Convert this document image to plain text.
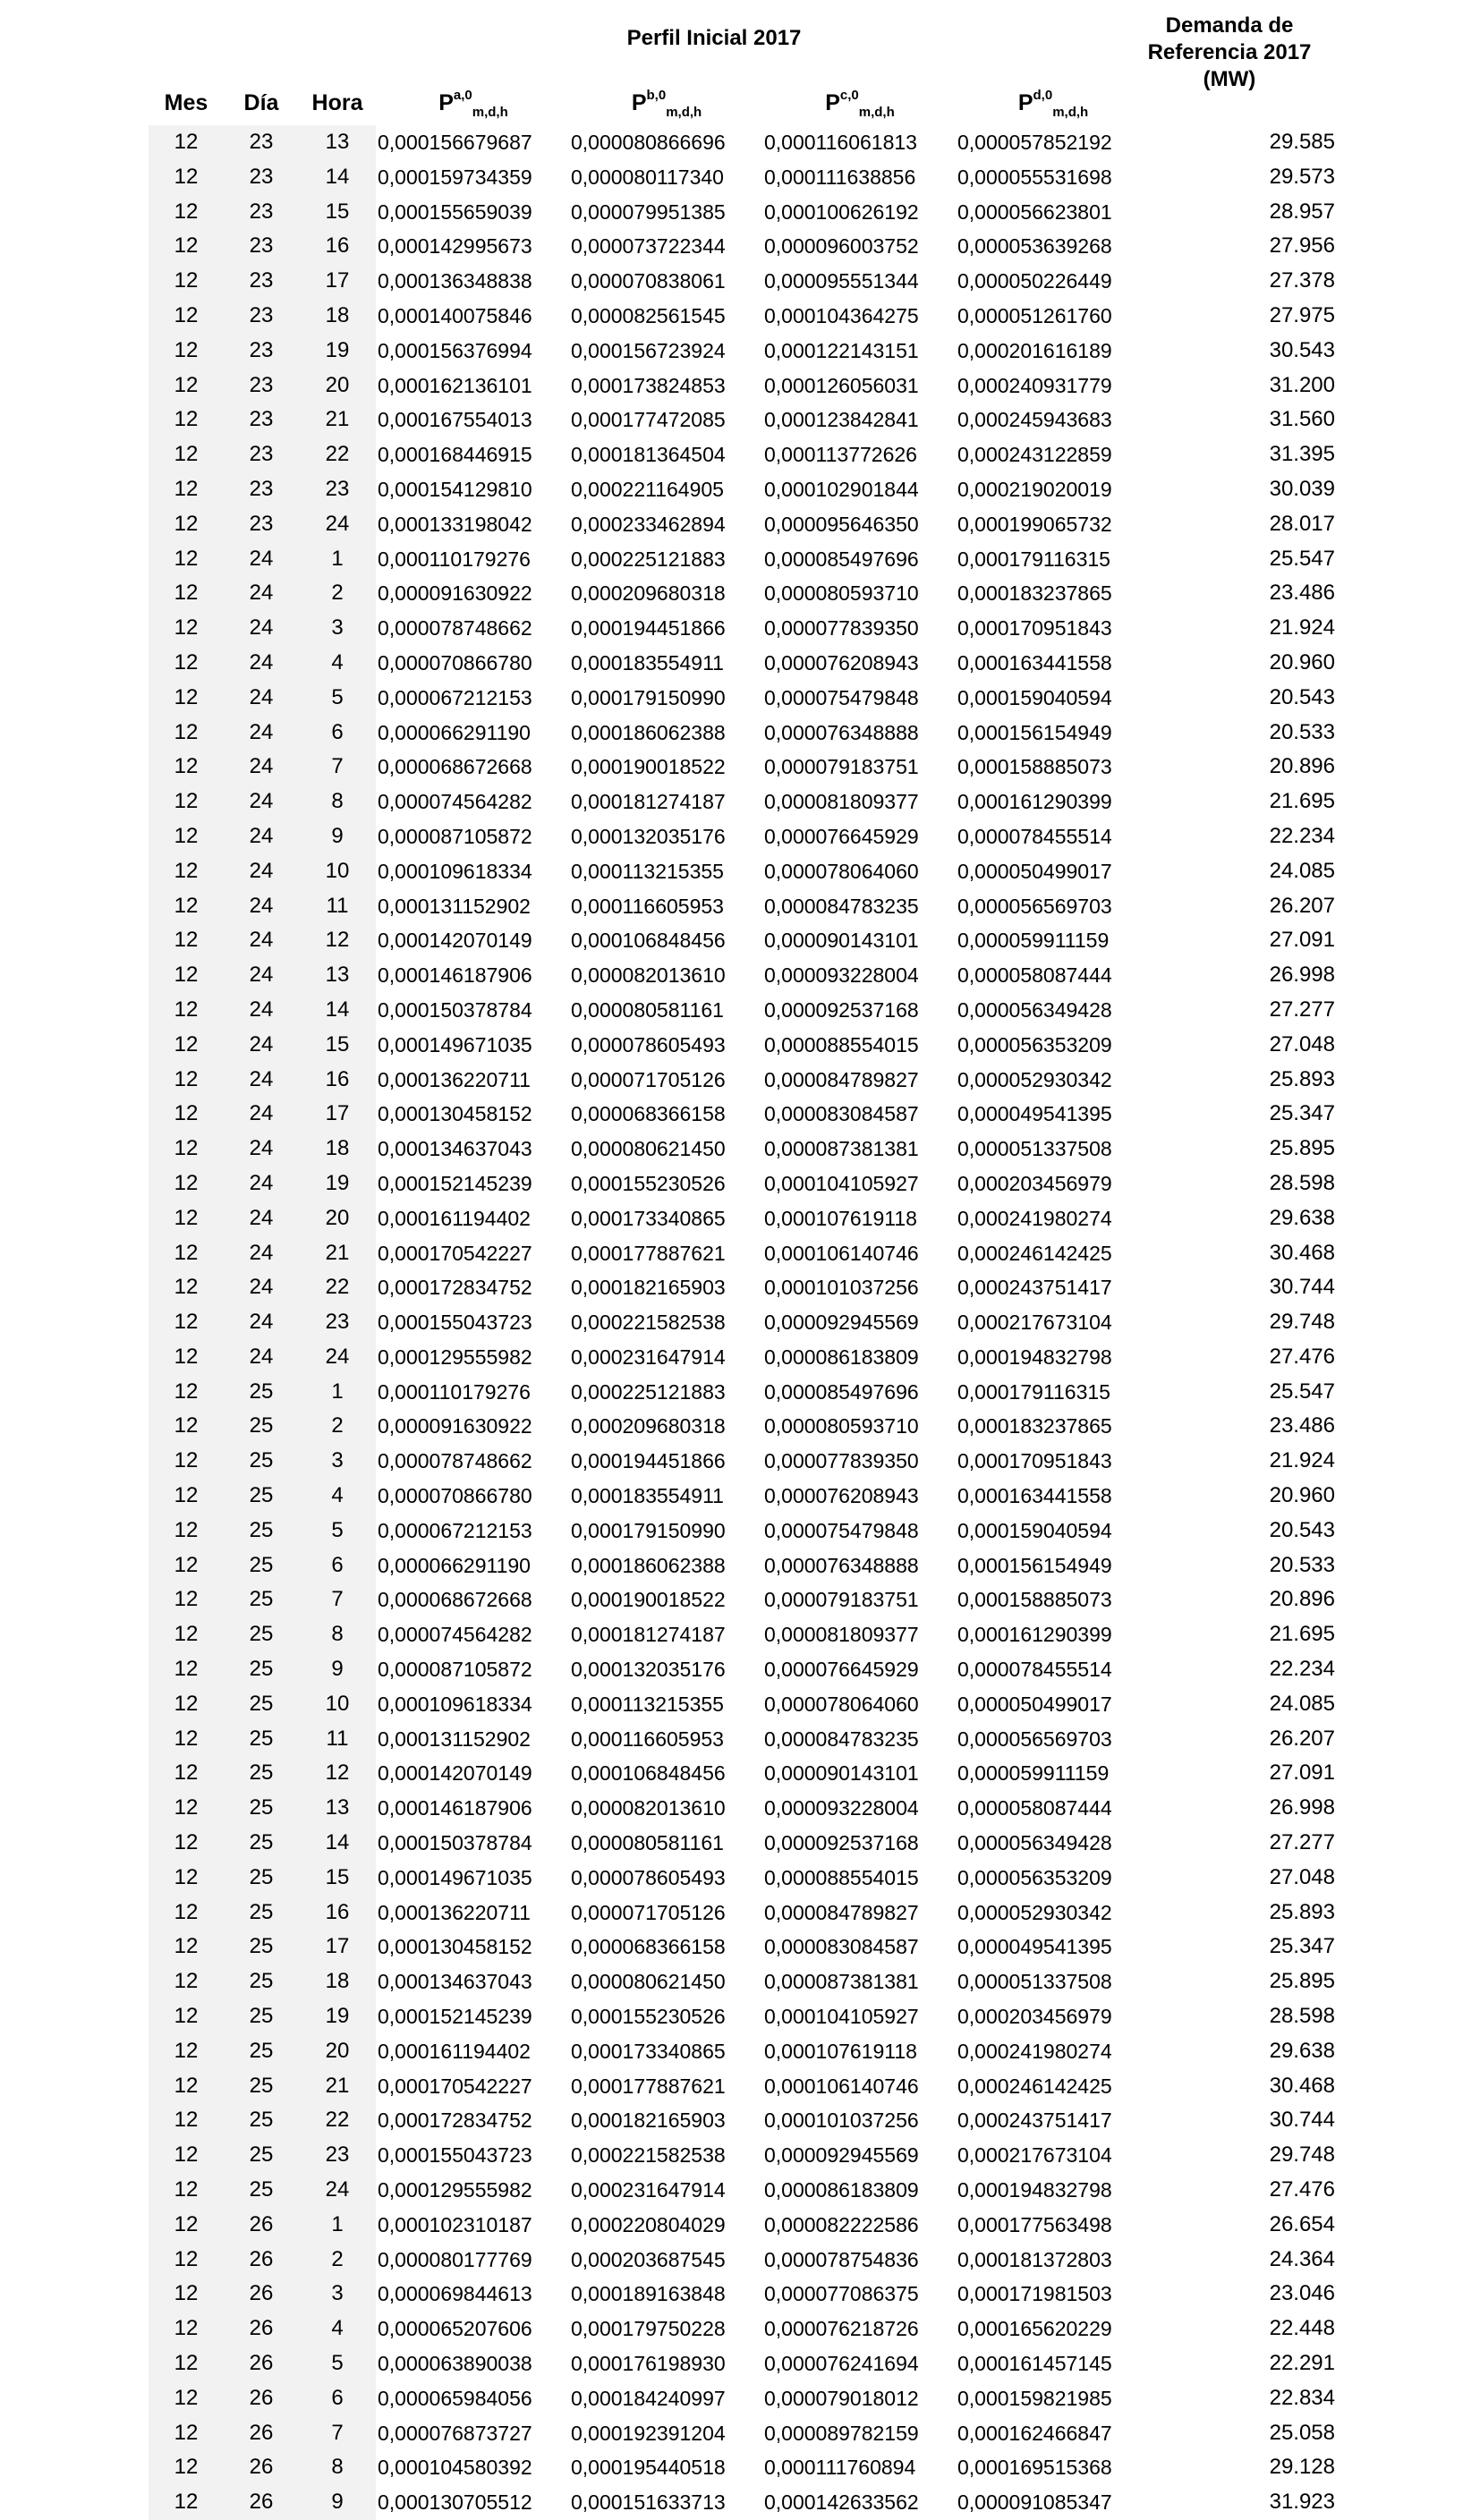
Perfil Inicial 2017
Demanda de
Referencia 2017
(MW)
Mes	Día	Hora	P$^{a,0}_{m,d,h}$	P$^{b,0}_{m,d,h}$	P$^{c,0}_{m,d,h}$	P$^{d,0}_{m,d,h}$
12	23	13	0,000156679687	0,000080866696	0,000116061813	0,000057852192	29.585
12	23	14	0,000159734359	0,000080117340	0,000111638856	0,000055531698	29.573
12	23	15	0,000155659039	0,000079951385	0,000100626192	0,000056623801	28.957
12	23	16	0,000142995673	0,000073722344	0,000096003752	0,000053639268	27.956
12	23	17	0,000136348838	0,000070838061	0,000095551344	0,000050226449	27.378
12	23	18	0,000140075846	0,000082561545	0,000104364275	0,000051261760	27.975
12	23	19	0,000156376994	0,000156723924	0,000122143151	0,000201616189	30.543
12	23	20	0,000162136101	0,000173824853	0,000126056031	0,000240931779	31.200
12	23	21	0,000167554013	0,000177472085	0,000123842841	0,000245943683	31.560
12	23	22	0,000168446915	0,000181364504	0,000113772626	0,000243122859	31.395
12	23	23	0,000154129810	0,000221164905	0,000102901844	0,000219020019	30.039
12	23	24	0,000133198042	0,000233462894	0,000095646350	0,000199065732	28.017
12	24	1	0,000110179276	0,000225121883	0,000085497696	0,000179116315	25.547
12	24	2	0,000091630922	0,000209680318	0,000080593710	0,000183237865	23.486
12	24	3	0,000078748662	0,000194451866	0,000077839350	0,000170951843	21.924
12	24	4	0,000070866780	0,000183554911	0,000076208943	0,000163441558	20.960
12	24	5	0,000067212153	0,000179150990	0,000075479848	0,000159040594	20.543
12	24	6	0,000066291190	0,000186062388	0,000076348888	0,000156154949	20.533
12	24	7	0,000068672668	0,000190018522	0,000079183751	0,000158885073	20.896
12	24	8	0,000074564282	0,000181274187	0,000081809377	0,000161290399	21.695
12	24	9	0,000087105872	0,000132035176	0,000076645929	0,000078455514	22.234
12	24	10	0,000109618334	0,000113215355	0,000078064060	0,000050499017	24.085
12	24	11	0,000131152902	0,000116605953	0,000084783235	0,000056569703	26.207
12	24	12	0,000142070149	0,000106848456	0,000090143101	0,000059911159	27.091
12	24	13	0,000146187906	0,000082013610	0,000093228004	0,000058087444	26.998
12	24	14	0,000150378784	0,000080581161	0,000092537168	0,000056349428	27.277
12	24	15	0,000149671035	0,000078605493	0,000088554015	0,000056353209	27.048
12	24	16	0,000136220711	0,000071705126	0,000084789827	0,000052930342	25.893
12	24	17	0,000130458152	0,000068366158	0,000083084587	0,000049541395	25.347
12	24	18	0,000134637043	0,000080621450	0,000087381381	0,000051337508	25.895
12	24	19	0,000152145239	0,000155230526	0,000104105927	0,000203456979	28.598
12	24	20	0,000161194402	0,000173340865	0,000107619118	0,000241980274	29.638
12	24	21	0,000170542227	0,000177887621	0,000106140746	0,000246142425	30.468
12	24	22	0,000172834752	0,000182165903	0,000101037256	0,000243751417	30.744
12	24	23	0,000155043723	0,000221582538	0,000092945569	0,000217673104	29.748
12	24	24	0,000129555982	0,000231647914	0,000086183809	0,000194832798	27.476
12	25	1	0,000110179276	0,000225121883	0,000085497696	0,000179116315	25.547
12	25	2	0,000091630922	0,000209680318	0,000080593710	0,000183237865	23.486
12	25	3	0,000078748662	0,000194451866	0,000077839350	0,000170951843	21.924
12	25	4	0,000070866780	0,000183554911	0,000076208943	0,000163441558	20.960
12	25	5	0,000067212153	0,000179150990	0,000075479848	0,000159040594	20.543
12	25	6	0,000066291190	0,000186062388	0,000076348888	0,000156154949	20.533
12	25	7	0,000068672668	0,000190018522	0,000079183751	0,000158885073	20.896
12	25	8	0,000074564282	0,000181274187	0,000081809377	0,000161290399	21.695
12	25	9	0,000087105872	0,000132035176	0,000076645929	0,000078455514	22.234
12	25	10	0,000109618334	0,000113215355	0,000078064060	0,000050499017	24.085
12	25	11	0,000131152902	0,000116605953	0,000084783235	0,000056569703	26.207
12	25	12	0,000142070149	0,000106848456	0,000090143101	0,000059911159	27.091
12	25	13	0,000146187906	0,000082013610	0,000093228004	0,000058087444	26.998
12	25	14	0,000150378784	0,000080581161	0,000092537168	0,000056349428	27.277
12	25	15	0,000149671035	0,000078605493	0,000088554015	0,000056353209	27.048
12	25	16	0,000136220711	0,000071705126	0,000084789827	0,000052930342	25.893
12	25	17	0,000130458152	0,000068366158	0,000083084587	0,000049541395	25.347
12	25	18	0,000134637043	0,000080621450	0,000087381381	0,000051337508	25.895
12	25	19	0,000152145239	0,000155230526	0,000104105927	0,000203456979	28.598
12	25	20	0,000161194402	0,000173340865	0,000107619118	0,000241980274	29.638
12	25	21	0,000170542227	0,000177887621	0,000106140746	0,000246142425	30.468
12	25	22	0,000172834752	0,000182165903	0,000101037256	0,000243751417	30.744
12	25	23	0,000155043723	0,000221582538	0,000092945569	0,000217673104	29.748
12	25	24	0,000129555982	0,000231647914	0,000086183809	0,000194832798	27.476
12	26	1	0,000102310187	0,000220804029	0,000082222586	0,000177563498	26.654
12	26	2	0,000080177769	0,000203687545	0,000078754836	0,000181372803	24.364
12	26	3	0,000069844613	0,000189163848	0,000077086375	0,000171981503	23.046
12	26	4	0,000065207606	0,000179750228	0,000076218726	0,000165620229	22.448
12	26	5	0,000063890038	0,000176198930	0,000076241694	0,000161457145	22.291
12	26	6	0,000065984056	0,000184240997	0,000079018012	0,000159821985	22.834
12	26	7	0,000076873727	0,000192391204	0,000089782159	0,000162466847	25.058
12	26	8	0,000104580392	0,000195440518	0,000111760894	0,000169515368	29.128
12	26	9	0,000130705512	0,000151633713	0,000142633562	0,000091085347	31.923
